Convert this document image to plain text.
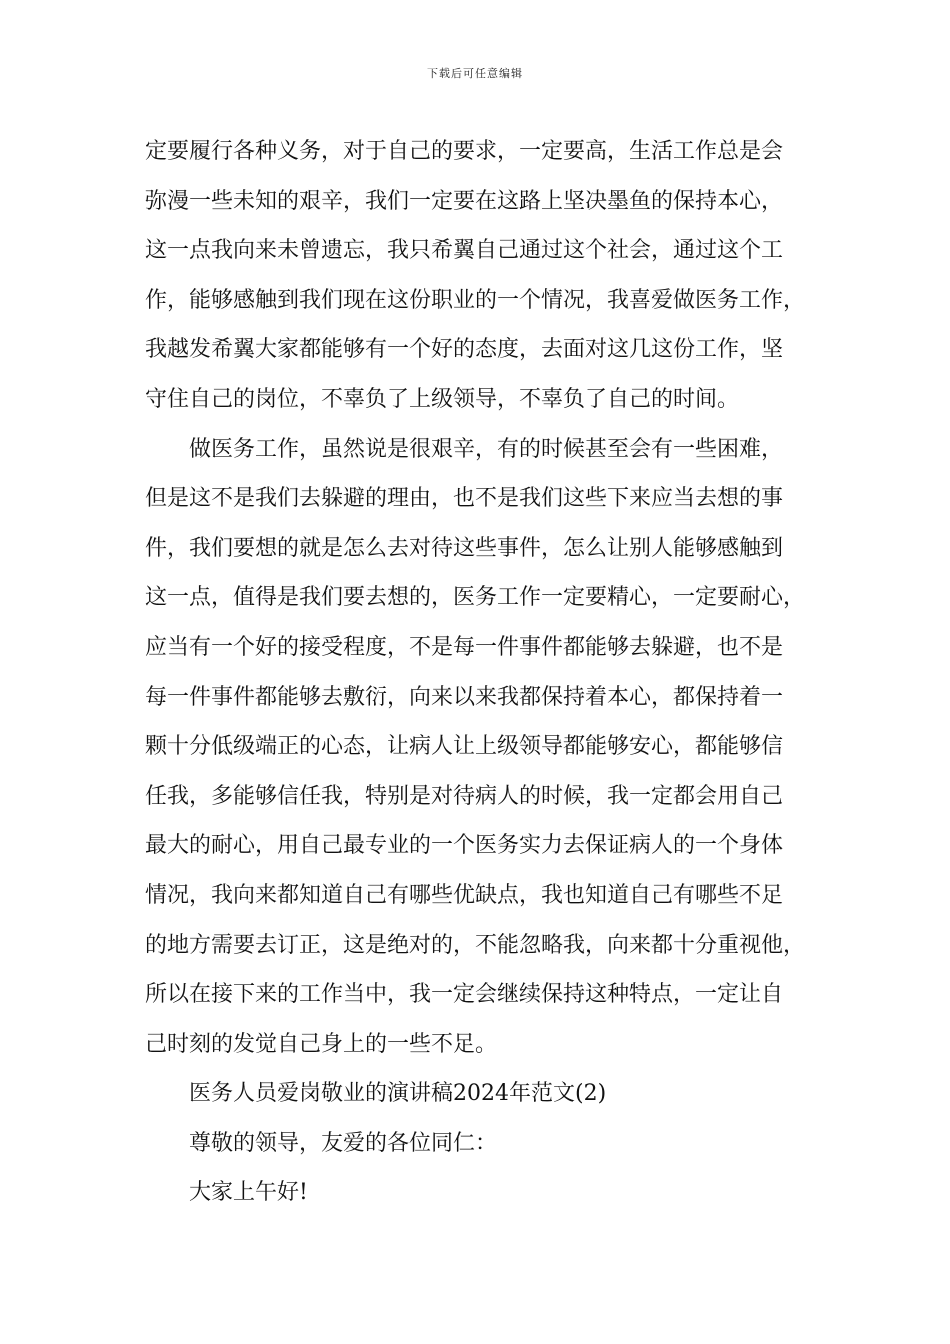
下载后可任意编辑
定要履行各种义务，对于自己的要求，一定要高，生活工作总是会
弥漫一些未知的艰辛，我们一定要在这路上坚决墨鱼的保持本心，
这一点我向来未曾遗忘，我只希翼自己通过这个社会，通过这个工
作，能够感触到我们现在这份职业的一个情况，我喜爱做医务工作，
我越发希翼大家都能够有一个好的态度，去面对这几这份工作，坚
守住自己的岗位，不辜负了上级领导，不辜负了自己的时间。
做医务工作，虽然说是很艰辛，有的时候甚至会有一些困难，
但是这不是我们去躲避的理由，也不是我们这些下来应当去想的事
件，我们要想的就是怎么去对待这些事件，怎么让别人能够感触到
这一点，值得是我们要去想的，医务工作一定要精心，一定要耐心，
应当有一个好的接受程度，不是每一件事件都能够去躲避，也不是
每一件事件都能够去敷衍，向来以来我都保持着本心，都保持着一
颗十分低级端正的心态，让病人让上级领导都能够安心，都能够信
任我，多能够信任我，特别是对待病人的时候，我一定都会用自己
最大的耐心，用自己最专业的一个医务实力去保证病人的一个身体
情况，我向来都知道自己有哪些优缺点，我也知道自己有哪些不足
的地方需要去订正，这是绝对的，不能忽略我，向来都十分重视他，
所以在接下来的工作当中，我一定会继续保持这种特点，一定让自
己时刻的发觉自己身上的一些不足。
医务人员爱岗敬业的演讲稿2024年范文(2)
尊敬的领导，友爱的各位同仁：
大家上午好!
